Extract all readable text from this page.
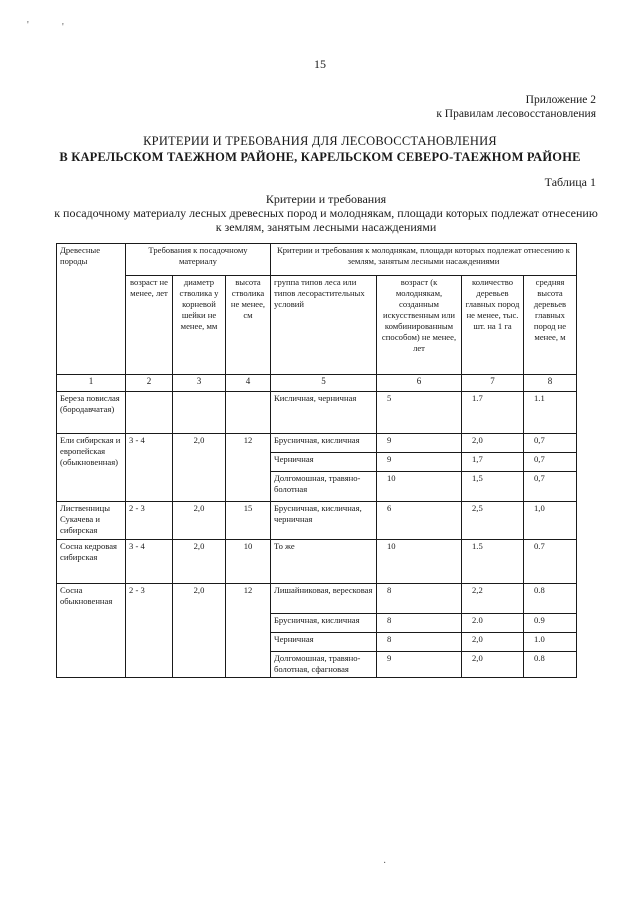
'	'
·
15
Приложение 2
к Правилам лесовосстановления
КРИТЕРИИ И ТРЕБОВАНИЯ ДЛЯ ЛЕСОВОССТАНОВЛЕНИЯ
В КАРЕЛЬСКОМ ТАЕЖНОМ РАЙОНЕ, КАРЕЛЬСКОМ СЕВЕРО-ТАЕЖНОМ РАЙОНЕ
Таблица 1
Критерии и требования
к посадочному материалу лесных древесных пород и молоднякам, площади которых подлежат отнесению
к землям, занятым лесными насаждениями
Древесные породы	Требования к посадочному материалу			Критерии и требования к молоднякам, площади которых подлежат отнесению к землям, занятым лесными насаждениями			
	возраст не менее, лет	диаметр стволика у корневой шейки не менее, мм	высота стволика не менее, см	группа типов леса или типов лесорастительных условий	возраст (к молоднякам, созданным искусственным или комбинированным способом) не менее, лет	количество деревьев главных пород не менее, тыс. шт. на 1 га	средняя высота деревьев главных пород не менее, м
1	2	3	4	5	6	7	8
Береза повислая (бородавчатая)				Кисличная, черничная	5	1.7	1.1
Ели сибирская и европейская (обыкновенная)	3 - 4	2,0	12	Брусничная, кисличная	9	2,0	0,7
				Черничная	9	1,7	0,7
				Долгомошная, травяно-болотная	10	1,5	0,7
Лиственницы Сукачева и сибирская	2 - 3	2,0	15	Брусничная, кисличная, черничная	6	2,5	1,0
Сосна кедровая сибирская	3 - 4	2,0	10	То же	10	1.5	0.7
Сосна обыкновенная	2 - 3	2,0	12	Лишайниковая, вересковая	8	2,2	0.8
				Брусничная, кисличная	8	2.0	0.9
				Черничная	8	2,0	1.0
				Долгомошная, травяно-болотная, сфагновая	9	2,0	0.8
